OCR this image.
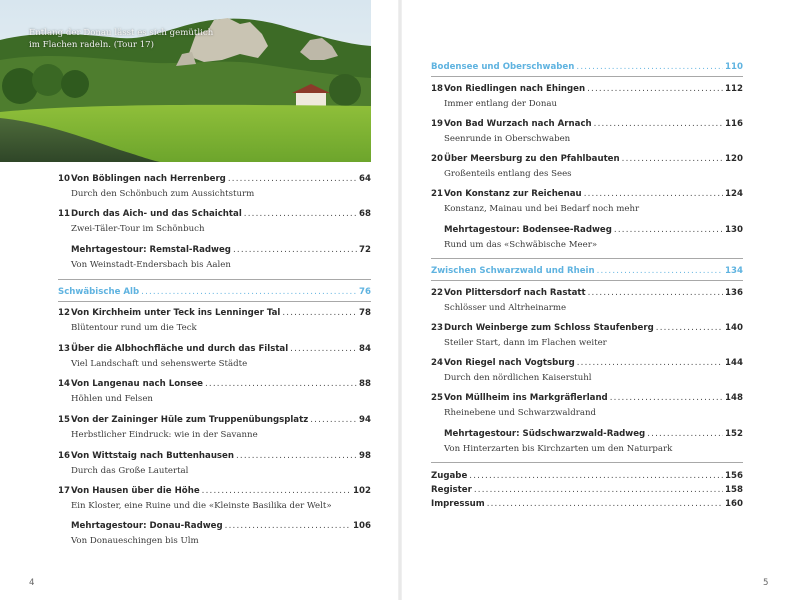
Entlang der Donau lässt es sich gemütlich im Flachen radeln. (Tour 17)
10 Von Böblingen nach Herrenberg .....	64
Durch den Schönbuch zum Aussichtsturm
11 Durch das Aich- und das Schaichtal .....	68
Zwei-Täler-Tour im Schönbuch
Mehrtagestour: Remstal-Radweg .....	72
Von Weinstadt-Endersbach bis Aalen
Schwäbische Alb .....	76
12 Von Kirchheim unter Teck ins Lenninger Tal .....	78
Blütentour rund um die Teck
13 Über die Albhochfläche und durch das Filstal .....	84
Viel Landschaft und sehenswerte Städte
14 Von Langenau nach Lonsee .....	88
Höhlen und Felsen
15 Von der Zaininger Hüle zum Truppenübungsplatz .....	94
Herbstlicher Eindruck: wie in der Savanne
16 Von Wittstaig nach Buttenhausen .....	98
Durch das Große Lautertal
17 Von Hausen über die Höhe .....	102
Ein Kloster, eine Ruine und die «Kleinste Basilika der Welt»
Mehrtagestour: Donau-Radweg .....	106
Von Donaueschingen bis Ulm
4
Bodensee und Oberschwaben .....	110
18 Von Riedlingen nach Ehingen .....	112
Immer entlang der Donau
19 Von Bad Wurzach nach Arnach .....	116
Seenrunde in Oberschwaben
20 Über Meersburg zu den Pfahlbauten .....	120
Großenteils entlang des Sees
21 Von Konstanz zur Reichenau .....	124
Konstanz, Mainau und bei Bedarf noch mehr
Mehrtagestour: Bodensee-Radweg .....	130
Rund um das «Schwäbische Meer»
Zwischen Schwarzwald und Rhein .....	134
22 Von Plittersdorf nach Rastatt .....	136
Schlösser und Altrheinarme
23 Durch Weinberge zum Schloss Staufenberg .....	140
Steiler Start, dann im Flachen weiter
24 Von Riegel nach Vogtsburg .....	144
Durch den nördlichen Kaiserstuhl
25 Von Müllheim ins Markgräflerland .....	148
Rheinebene und Schwarzwaldrand
Mehrtagestour: Südschwarzwald-Radweg .....	152
Von Hinterzarten bis Kirchzarten um den Naturpark
Zugabe .....	156
Register .....	158
Impressum .....	160
5
